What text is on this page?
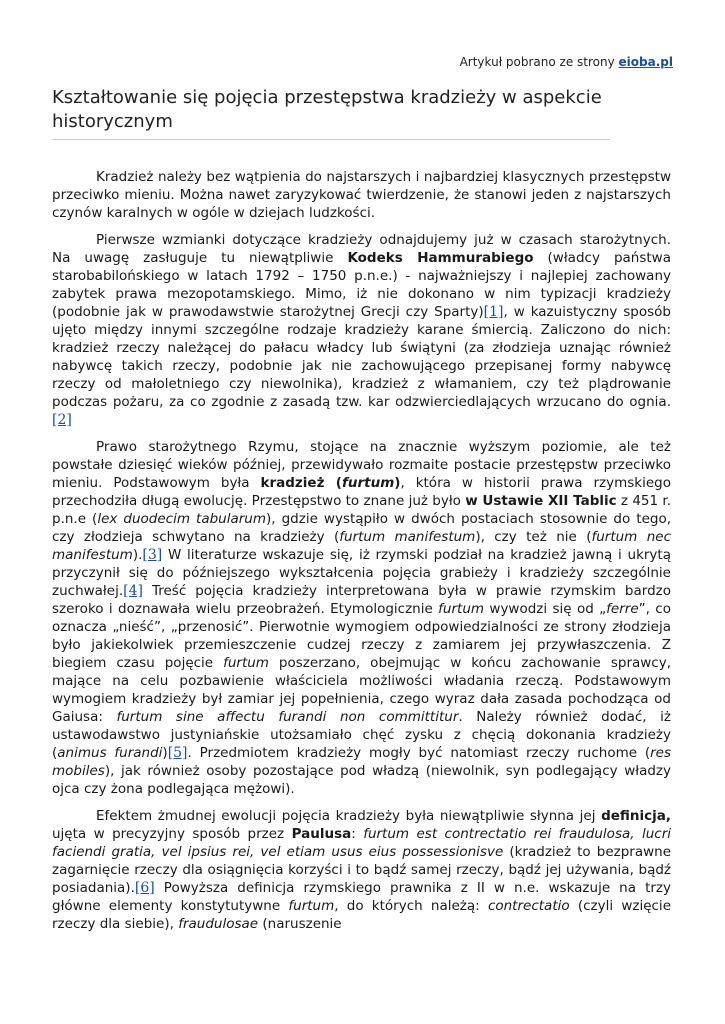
Artykuł pobrano ze strony eioba.pl
Kształtowanie się pojęcia przestępstwa kradzieży w aspekcie historycznym

Kradzież należy bez wątpienia do najstarszych i najbardziej klasycznych przestępstw przeciwko mieniu. Można nawet zaryzykować twierdzenie, że stanowi jeden z najstarszych czynów karalnych w ogóle w dziejach ludzkości.

Pierwsze wzmianki dotyczące kradzieży odnajdujemy już w czasach starożytnych. Na uwagę zasługuje tu niewątpliwie Kodeks Hammurabiego (władcy państwa starobabilońskiego w latach 1792 – 1750 p.n.e.) - najważniejszy i najlepiej zachowany zabytek prawa mezopotamskiego. Mimo, iż nie dokonano w nim typizacji kradzieży (podobnie jak w prawodawstwie starożytnej Grecji czy Sparty)[1], w kazuistyczny sposób ujęto między innymi szczególne rodzaje kradzieży karane śmiercią. Zaliczono do nich: kradzież rzeczy należącej do pałacu władcy lub świątyni (za złodzieja uznając również nabywcę takich rzeczy, podobnie jak nie zachowującego przepisanej formy nabywcę rzeczy od małoletniego czy niewolnika), kradzież z włamaniem, czy też plądrowanie podczas pożaru, za co zgodnie z zasadą tzw. kar odzwierciedlających wrzucano do ognia.[2]

Prawo starożytnego Rzymu, stojące na znacznie wyższym poziomie, ale też powstałe dziesięć wieków później, przewidywało rozmaite postacie przestępstw przeciwko mieniu. Podstawowym była kradzież (furtum), która w historii prawa rzymskiego przechodziła długą ewolucję. Przestępstwo to znane już było w Ustawie XII Tablic z 451 r. p.n.e (lex duodecim tabularum), gdzie wystąpiło w dwóch postaciach stosownie do tego, czy złodzieja schwytano na kradzieży (furtum manifestum), czy też nie (furtum nec manifestum).[3] W literaturze wskazuje się, iż rzymski podział na kradzież jawną i ukrytą przyczynił się do późniejszego wykształcenia pojęcia grabieży i kradzieży szczególnie zuchwałej.[4] Treść pojęcia kradzieży interpretowana była w prawie rzymskim bardzo szeroko i doznawała wielu przeobrażeń. Etymologicznie furtum wywodzi się od „ferre”, co oznacza „nieść”, „przenosić”. Pierwotnie wymogiem odpowiedzialności ze strony złodzieja było jakiekolwiek przemieszczenie cudzej rzeczy z zamiarem jej przywłaszczenia. Z biegiem czasu pojęcie furtum poszerzano, obejmując w końcu zachowanie sprawcy, mające na celu pozbawienie właściciela możliwości władania rzeczą. Podstawowym wymogiem kradzieży był zamiar jej popełnienia, czego wyraz dała zasada pochodząca od Gaiusa: furtum sine affectu furandi non committitur. Należy również dodać, iż ustawodawstwo justyniańskie utożsamiało chęć zysku z chęcią dokonania kradzieży (animus furandi)[5]. Przedmiotem kradzieży mogły być natomiast rzeczy ruchome (res mobiles), jak również osoby pozostające pod władzą (niewolnik, syn podlegający władzy ojca czy żona podlegająca mężowi).

Efektem żmudnej ewolucji pojęcia kradzieży była niewątpliwie słynna jej definicja, ujęta w precyzyjny sposób przez Paulusa: furtum est contrectatio rei fraudulosa, lucri faciendi gratia, vel ipsius rei, vel etiam usus eius possessionisve (kradzież to bezprawne zagarnięcie rzeczy dla osiągnięcia korzyści i to bądź samej rzeczy, bądź jej używania, bądź posiadania).[6] Powyższa definicja rzymskiego prawnika z II w n.e. wskazuje na trzy główne elementy konstytutywne furtum, do których należą: contrectatio (czyli wzięcie rzeczy dla siebie), fraudulosae (naruszenie
